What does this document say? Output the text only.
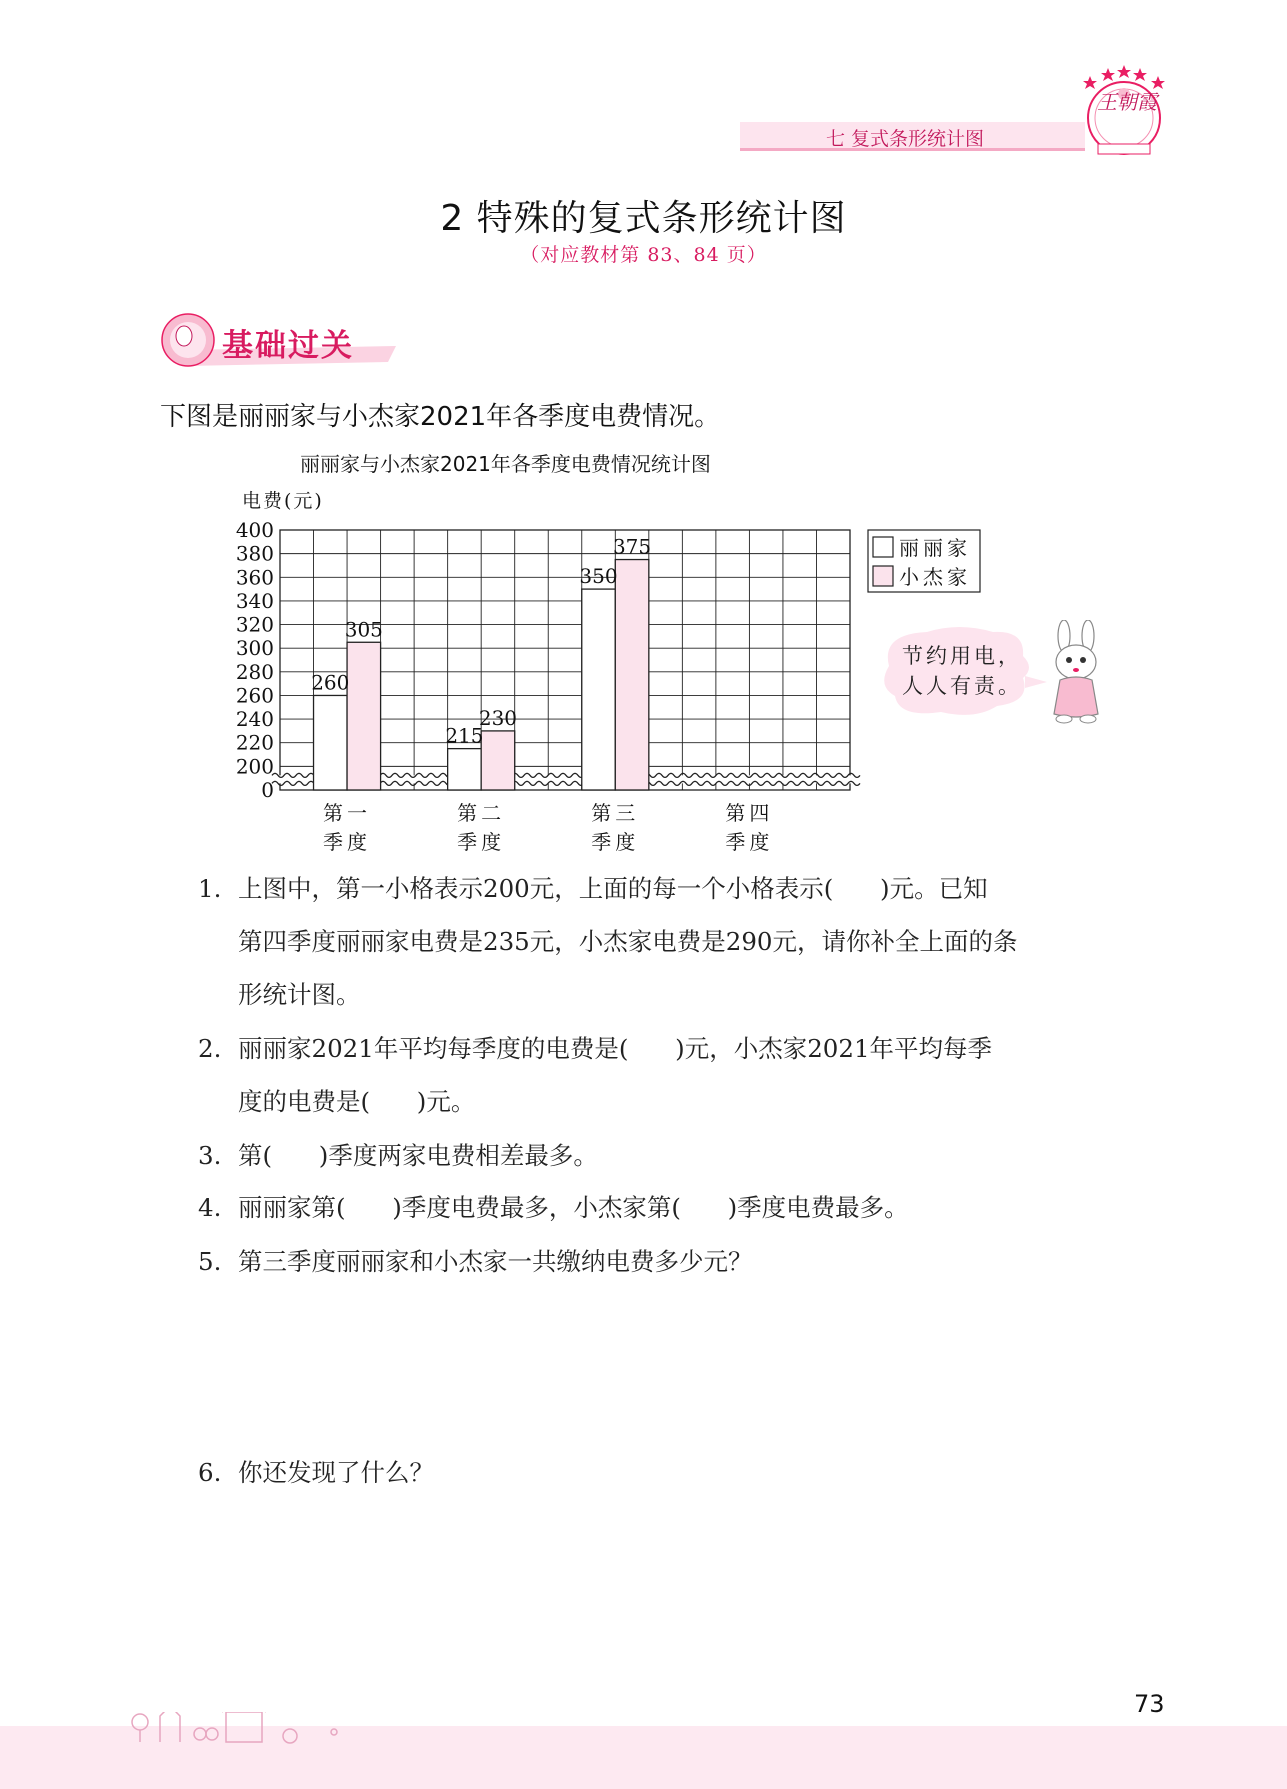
七 复式条形统计图
王朝霞
2 特殊的复式条形统计图
（对应教材第 83、84 页）
基础过关
下图是丽丽家与小杰家2021年各季度电费情况。
丽丽家与小杰家2021年各季度电费情况统计图
电费(元)
260
215
350
305
230
375
0
200
220
240
260
280
300
320
340
360
380
400
第一
季度
第二
季度
第三
季度
第四
季度
丽丽家
小杰家
节约用电，
人人有责。
1. 上图中，第一小格表示200元，上面的每一个小格表示(      )元。已知
第四季度丽丽家电费是235元，小杰家电费是290元，请你补全上面的条
形统计图。
2. 丽丽家2021年平均每季度的电费是(      )元，小杰家2021年平均每季
度的电费是(      )元。
3. 第(      )季度两家电费相差最多。
4. 丽丽家第(      )季度电费最多，小杰家第(      )季度电费最多。
5. 第三季度丽丽家和小杰家一共缴纳电费多少元？
6. 你还发现了什么？
73
